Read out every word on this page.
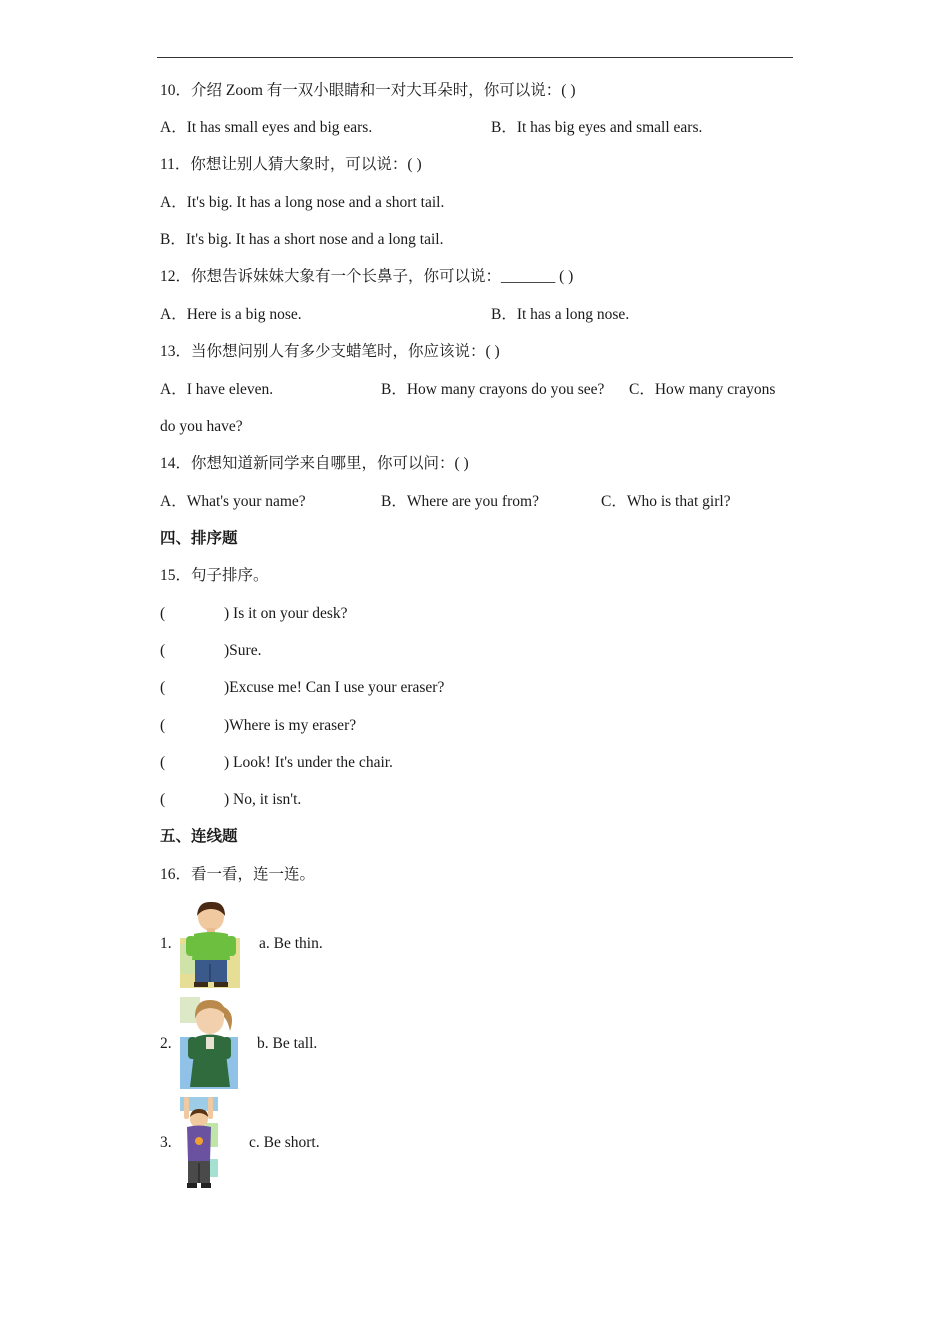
10．介绍 Zoom 有一双小眼睛和一对大耳朵时，你可以说：( )
A．It has small eyes and big ears.	B．It has big eyes and small ears.
11．你想让别人猜大象时，可以说：( )
A．It's big. It has a long nose and a short tail.
B．It's big. It has a short nose and a long tail.
12．你想告诉妹妹大象有一个长鼻子，你可以说：_______ ( )
A．Here is a big nose.	B．It has a long nose.
13．当你想问别人有多少支蜡笔时，你应该说：( )
A．I have eleven.	B．How many crayons do you see? C．How many crayons
do you have?
14．你想知道新同学来自哪里，你可以问：( )
A．What's your name?	B．Where are you from?	C．Who is that girl?
四、排序题
15．句子排序。
(	) Is it on your desk?
(	)Sure.
(	)Excuse me! Can I use your eraser?
(	)Where is my eraser?
(	) Look! It's under the chair.
(	) No, it isn't.
五、连线题
16．看一看，连一连。
1.	a. Be thin.
2.	b. Be tall.
3.	c. Be short.
